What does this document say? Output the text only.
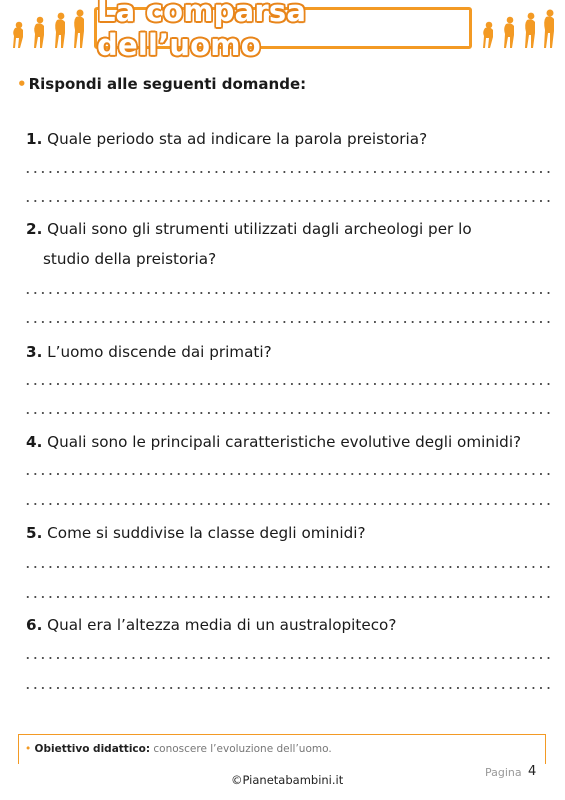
La comparsa dell’uomo
• Rispondi alle seguenti domande:
1. Quale periodo sta ad indicare la parola preistoria?
2. Quali sono gli strumenti utilizzati dagli archeologi per lo
studio della preistoria?
3. L’uomo discende dai primati?
4. Quali sono le principali caratteristiche evolutive degli ominidi?
5. Come si suddivise la classe degli ominidi?
6. Qual era l’altezza media di un australopiteco?
• Obiettivo didattico: conoscere l’evoluzione dell’uomo.
©Pianetabambini.it
Pagina 4
